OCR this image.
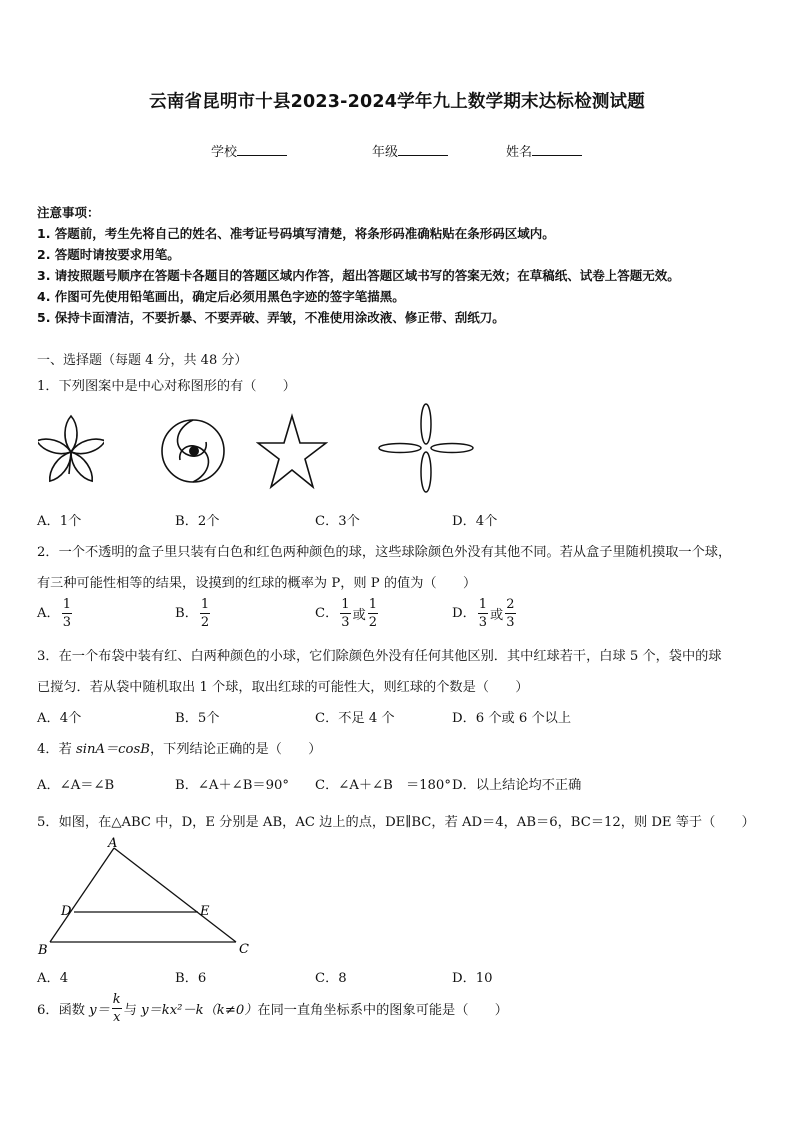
云南省昆明市十县2023-2024学年九上数学期末达标检测试题
学校	年级	姓名
注意事项：
1. 答题前，考生先将自己的姓名、准考证号码填写清楚，将条形码准确粘贴在条形码区域内。
2. 答题时请按要求用笔。
3. 请按照题号顺序在答题卡各题目的答题区域内作答，超出答题区域书写的答案无效；在草稿纸、试卷上答题无效。
4. 作图可先使用铅笔画出，确定后必须用黑色字迹的签字笔描黑。
5. 保持卡面清洁，不要折暴、不要弄破、弄皱，不准使用涂改液、修正带、刮纸刀。
一、选择题（每题 4 分，共 48 分）
1．下列图案中是中心对称图形的有（　　）
A．1个	B．2个	C．3个	D．4个
2．一个不透明的盒子里只装有白色和红色两种颜色的球，这些球除颜色外没有其他不同。若从盒子里随机摸取一个球，
有三种可能性相等的结果，设摸到的红球的概率为 P，则 P 的值为（　　）
A． $\frac{1}{3}$	B． $\frac{1}{2}$	C． $\frac{1}{3}$ 或 $\frac{1}{2}$	D． $\frac{1}{3}$ 或 $\frac{2}{3}$
3．在一个布袋中装有红、白两种颜色的小球，它们除颜色外没有任何其他区别．其中红球若干，白球 5 个，袋中的球
已搅匀．若从袋中随机取出 1 个球，取出红球的可能性大，则红球的个数是（　　）
A．4个	B．5个	C．不足 4 个	D．6 个或 6 个以上
4．若 sinA＝cosB，下列结论正确的是（　　）
A．∠A＝∠B	B．∠A＋∠B＝90° C．∠A＋∠B　＝180° D．以上结论均不正确
5．如图，在△ABC 中，D，E 分别是 AB，AC 边上的点，DE∥BC，若 AD＝4，AB＝6，BC＝12，则 DE 等于（　　）
A
B	C
D	E
A．4	B．6	C．8	D．10
6．函数 $y= \frac{k}{x}$ 与 y＝kx²－k（k≠0）在同一直角坐标系中的图象可能是（　　）
